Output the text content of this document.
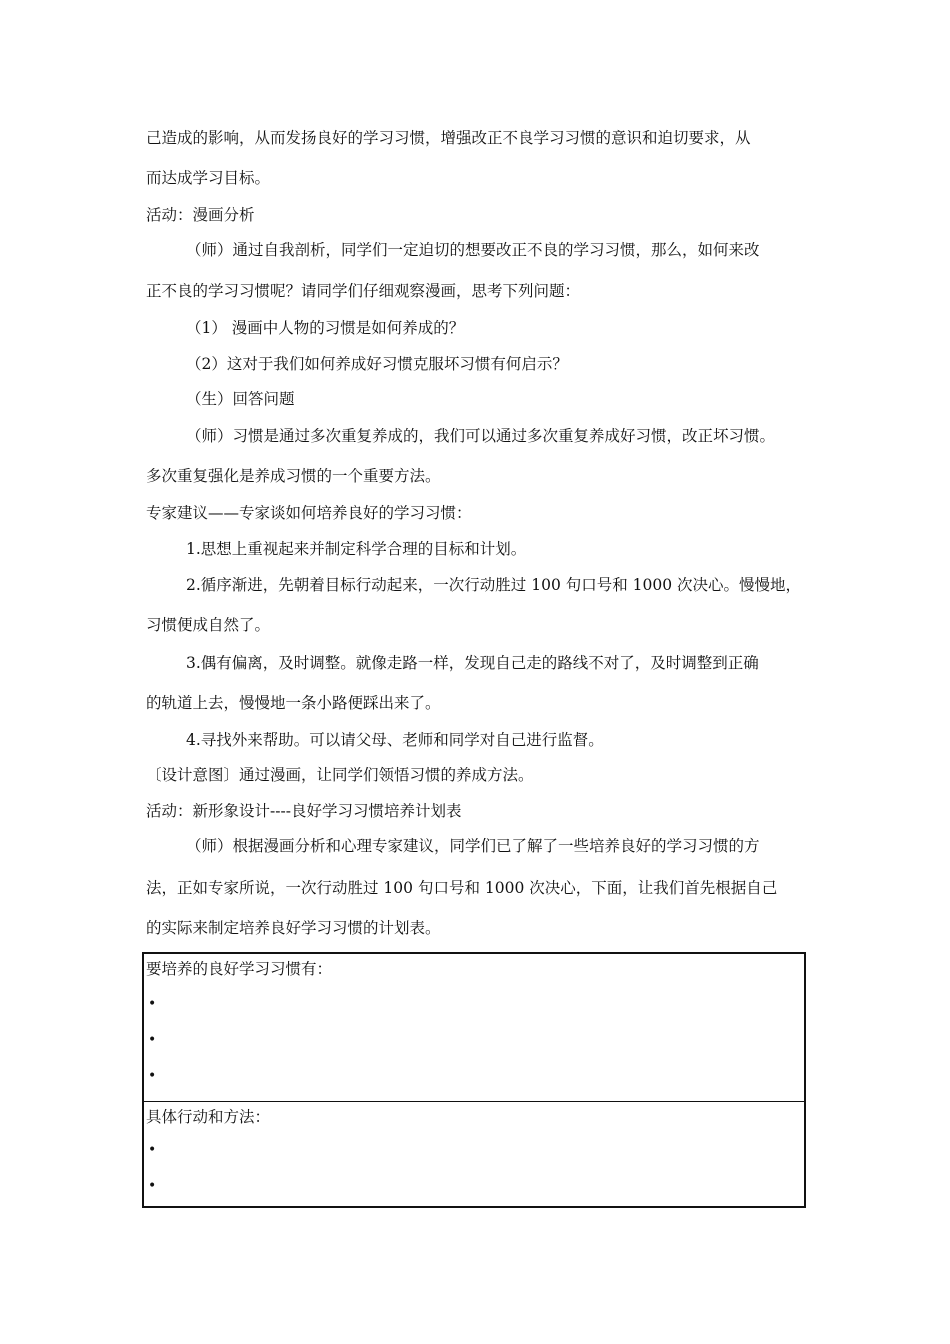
己造成的影响，从而发扬良好的学习习惯，增强改正不良学习习惯的意识和迫切要求，从
而达成学习目标。
活动：漫画分析
（师）通过自我剖析，同学们一定迫切的想要改正不良的学习习惯，那么，如何来改
正不良的学习习惯呢？请同学们仔细观察漫画，思考下列问题：
（1） 漫画中人物的习惯是如何养成的？
（2）这对于我们如何养成好习惯克服坏习惯有何启示？
（生）回答问题
（师）习惯是通过多次重复养成的，我们可以通过多次重复养成好习惯，改正坏习惯。
多次重复强化是养成习惯的一个重要方法。
专家建议——专家谈如何培养良好的学习习惯：
1.思想上重视起来并制定科学合理的目标和计划。
2.循序渐进，先朝着目标行动起来，一次行动胜过 100 句口号和 1000 次决心。慢慢地，
习惯便成自然了。
3.偶有偏离，及时调整。就像走路一样，发现自己走的路线不对了，及时调整到正确
的轨道上去，慢慢地一条小路便踩出来了。
4.寻找外来帮助。可以请父母、老师和同学对自己进行监督。
〔设计意图〕通过漫画，让同学们领悟习惯的养成方法。
活动：新形象设计----良好学习习惯培养计划表
（师）根据漫画分析和心理专家建议，同学们已了解了一些培养良好的学习习惯的方
法，正如专家所说，一次行动胜过 100 句口号和 1000 次决心，下面，让我们首先根据自己
的实际来制定培养良好学习习惯的计划表。
要培养的良好学习习惯有：
•
•
•
具体行动和方法：
•
•
